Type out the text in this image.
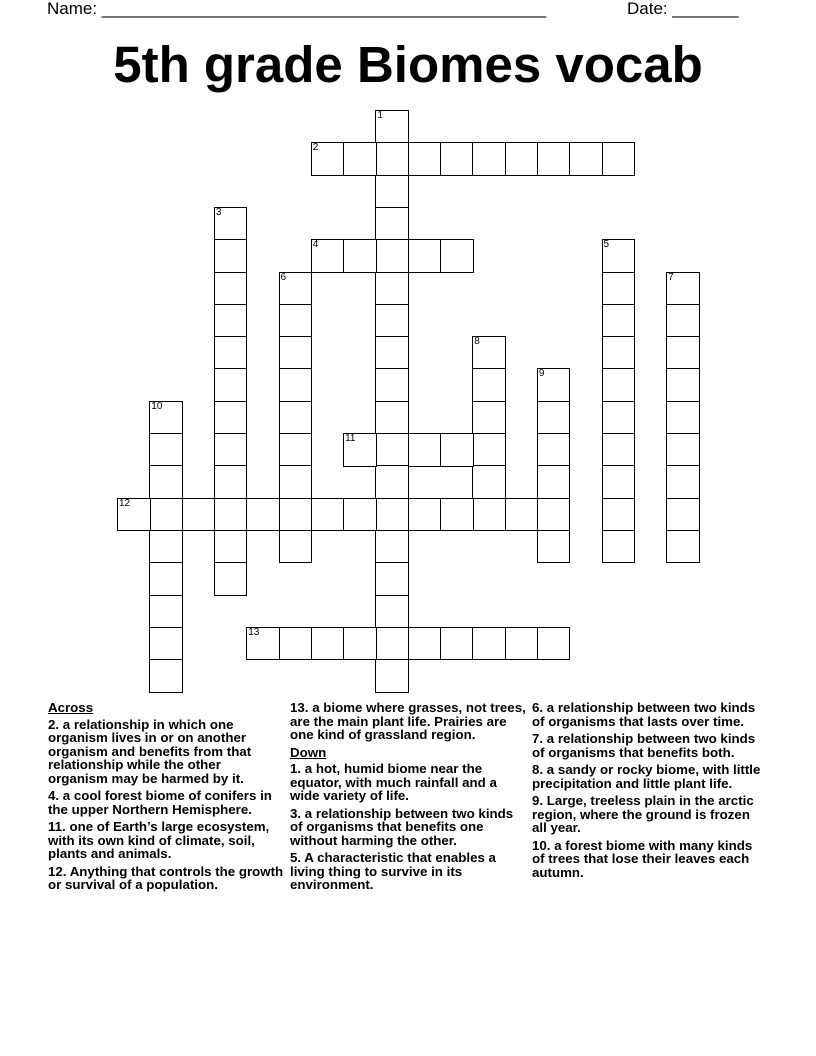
Name: _______________________________________________	Date: _______
5th grade Biomes vocab
1
2
3
4	5
6	7
8
9
10
11
12
13
Across
2. a relationship in which one organism lives in or on another organism and benefits from that relationship while the other organism may be harmed by it.
4. a cool forest biome of conifers in the upper Northern Hemisphere.
11. one of Earth’s large ecosystem, with its own kind of climate, soil, plants and animals.
12. Anything that controls the growth or survival of a population.
13. a biome where grasses, not trees, are the main plant life. Prairies are one kind of grassland region.
Down
1. a hot, humid biome near the equator, with much rainfall and a wide variety of life.
3. a relationship between two kinds of organisms that benefits one without harming the other.
5. A characteristic that enables a living thing to survive in its environment.
6. a relationship between two kinds of organisms that lasts over time.
7. a relationship between two kinds of organisms that benefits both.
8. a sandy or rocky biome, with little precipitation and little plant life.
9. Large, treeless plain in the arctic region, where the ground is frozen all year.
10. a forest biome with many kinds of trees that lose their leaves each autumn.
